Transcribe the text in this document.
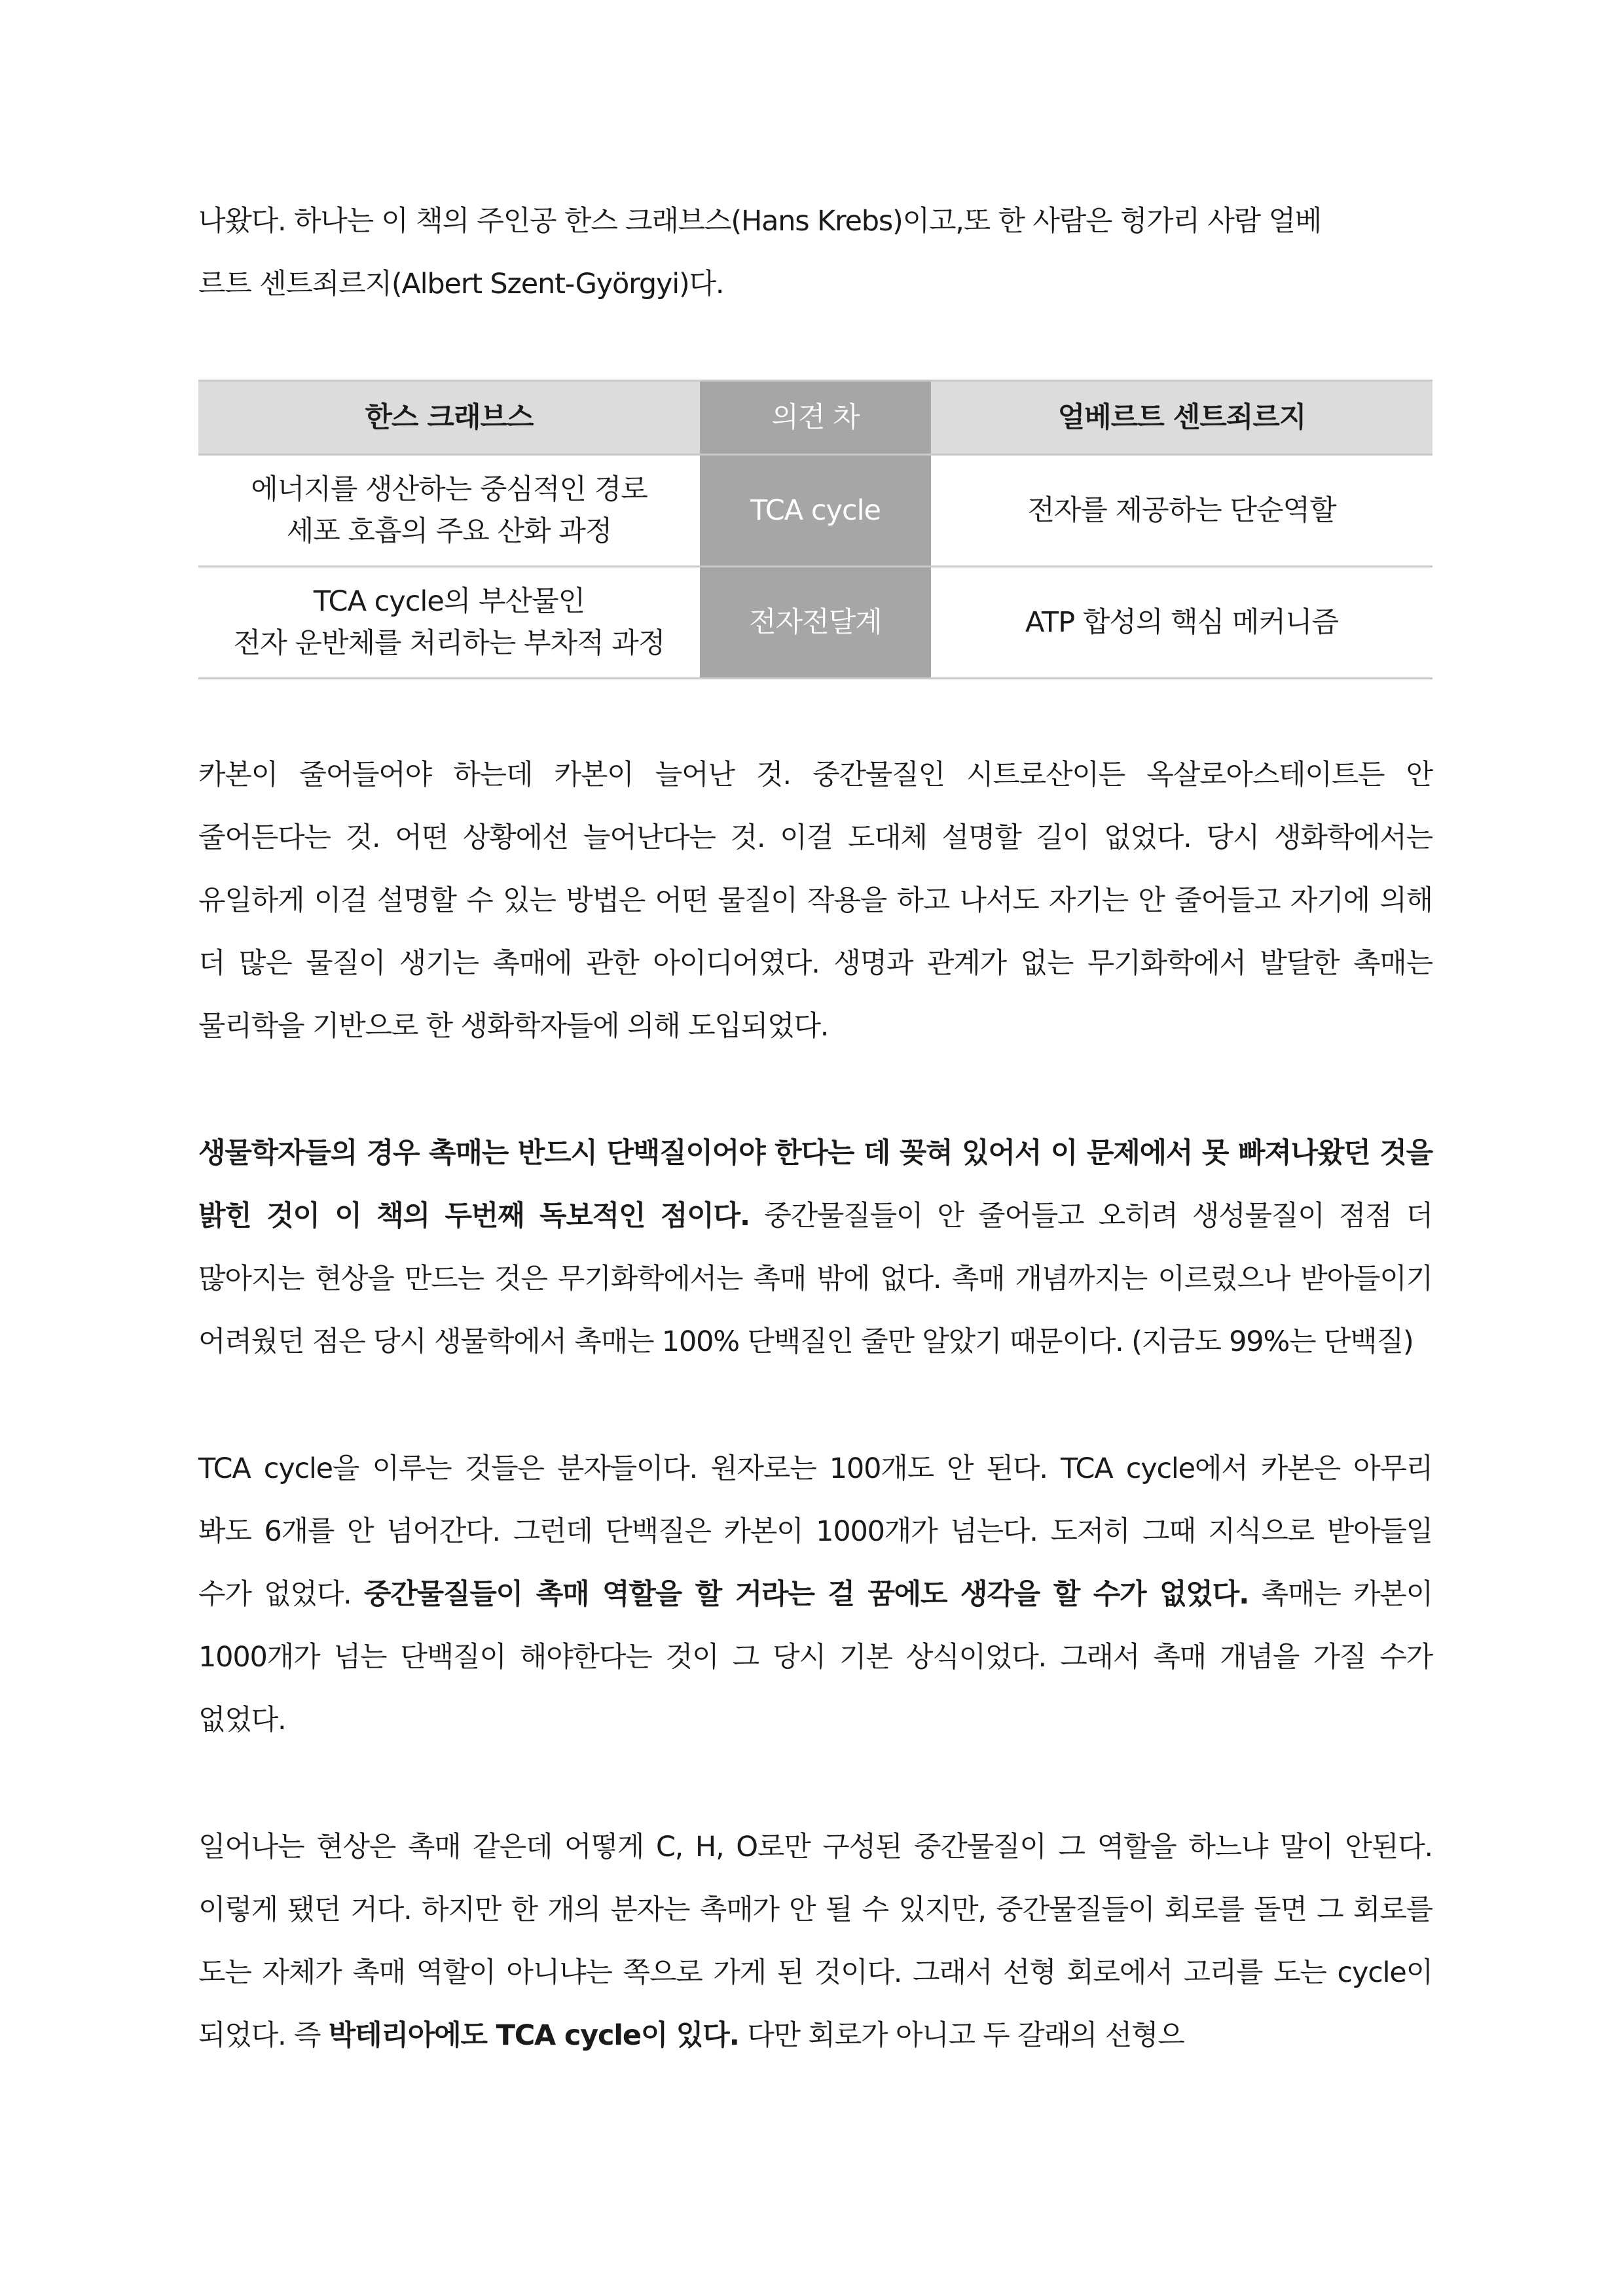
나왔다. 하나는 이 책의 주인공 한스 크래브스(Hans Krebs)이고,또 한 사람은 헝가리 사람 얼베
르트 센트죄르지(Albert Szent-Györgyi)다.

한스 크래브스	의견 차	얼베르트 센트죄르지

에너지를 생산하는 중심적인 경로
세포 호흡의 주요 산화 과정	TCA cycle	전자를 제공하는 단순역할

TCA cycle의 부산물인
전자 운반체를 처리하는 부차적 과정	전자전달계	ATP 합성의 핵심 메커니즘

카본이 줄어들어야 하는데 카본이 늘어난 것. 중간물질인 시트로산이든 옥살로아스테이트든 안 줄어든다는 것. 어떤 상황에선 늘어난다는 것. 이걸 도대체 설명할 길이 없었다. 당시 생화학에서는 유일하게 이걸 설명할 수 있는 방법은 어떤 물질이 작용을 하고 나서도 자기는 안 줄어들고 자기에 의해 더 많은 물질이 생기는 촉매에 관한 아이디어였다. 생명과 관계가 없는 무기화학에서 발달한 촉매는 물리학을 기반으로 한 생화학자들에 의해 도입되었다.

생물학자들의 경우 촉매는 반드시 단백질이어야 한다는 데 꽂혀 있어서 이 문제에서 못 빠져나왔던 것을 밝힌 것이 이 책의 두번째 독보적인 점이다. 중간물질들이 안 줄어들고 오히려 생성물질이 점점 더 많아지는 현상을 만드는 것은 무기화학에서는 촉매 밖에 없다. 촉매 개념까지는 이르렀으나 받아들이기 어려웠던 점은 당시 생물학에서 촉매는 100% 단백질인 줄만 알았기 때문이다. (지금도 99%는 단백질)

TCA cycle을 이루는 것들은 분자들이다. 원자로는 100개도 안 된다. TCA cycle에서 카본은 아무리 봐도 6개를 안 넘어간다. 그런데 단백질은 카본이 1000개가 넘는다. 도저히 그때 지식으로 받아들일 수가 없었다. 중간물질들이 촉매 역할을 할 거라는 걸 꿈에도 생각을 할 수가 없었다. 촉매는 카본이 1000개가 넘는 단백질이 해야한다는 것이 그 당시 기본 상식이었다. 그래서 촉매 개념을 가질 수가 없었다.

일어나는 현상은 촉매 같은데 어떻게 C, H, O로만 구성된 중간물질이 그 역할을 하느냐 말이 안된다. 이렇게 됐던 거다. 하지만 한 개의 분자는 촉매가 안 될 수 있지만, 중간물질들이 회로를 돌면 그 회로를 도는 자체가 촉매 역할이 아니냐는 쪽으로 가게 된 것이다. 그래서 선형 회로에서 고리를 도는 cycle이 되었다. 즉 박테리아에도 TCA cycle이 있다. 다만 회로가 아니고 두 갈래의 선형으
